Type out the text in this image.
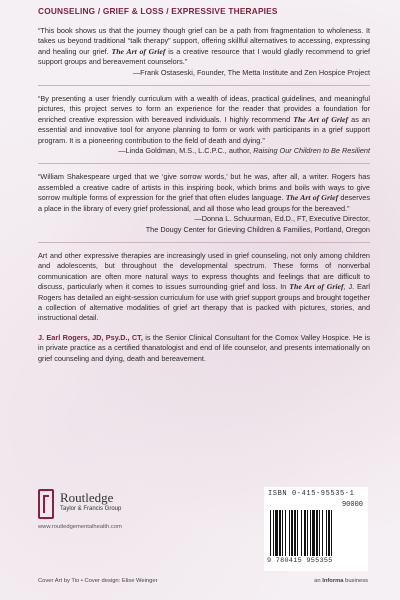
COUNSELING / GRIEF & LOSS / EXPRESSIVE THERAPIES

“This book shows us that the journey though grief can be a path from fragmentation to wholeness. It takes us beyond traditional “talk therapy” support, offering skillful alternatives to accessing, expressing and healing our grief. The Art of Grief is a creative resource that I would gladly recommend to grief support groups and bereavement counselors.”

—Frank Ostaseski, Founder, The Metta Institute and Zen Hospice Project

“By presenting a user friendly curriculum with a wealth of ideas, practical guidelines, and meaningful pictures, this project serves to form an experience for the reader that provides a foundation for enriched creative expression with bereaved individuals. I highly recommend The Art of Grief as an essential and innovative tool for anyone planning to form or work with participants in a grief support program. It is a pioneering contribution to the field of death and dying.”

—Linda Goldman, M.S., L.C.P.C., author, Raising Our Children to Be Resilient

“William Shakespeare urged that we ‘give sorrow words,’ but he was, after all, a writer. Rogers has assembled a creative cadre of artists in this inspiring book, which brims and boils with ways to give sorrow multiple forms of expression for the grief that often eludes language. The Art of Grief deserves a place in the library of every grief professional, and all those who lead groups for the bereaved.”

—Donna L. Schuurman, Ed.D., FT, Executive Director,

The Dougy Center for Grieving Children & Families, Portland, Oregon

Art and other expressive therapies are increasingly used in grief counseling, not only among children and adolescents, but throughout the developmental spectrum. These forms of nonverbal communication are often more natural ways to express thoughts and feelings that are difficult to discuss, particularly when it comes to issues surrounding grief and loss. In The Art of Grief, J. Earl Rogers has detailed an eight-session curriculum for use with grief support groups and brought together a collection of alternative modalities of grief art therapy that is packed with pictures, stories, and instructional detail.

J. Earl Rogers, JD, Psy.D., CT, is the Senior Clinical Consultant for the Comox Valley Hospice. He is in private practice as a certified thanatologist and end of life counselor, and presents internationally on grief counseling and dying, death and bereavement.

Routledge
Taylor & Francis Group
www.routledgementalhealth.com
ISBN 0-415-95535-1
90000
9 780415 955355
Cover Art by Tio • Cover design: Elise Weinger	an Informa business
